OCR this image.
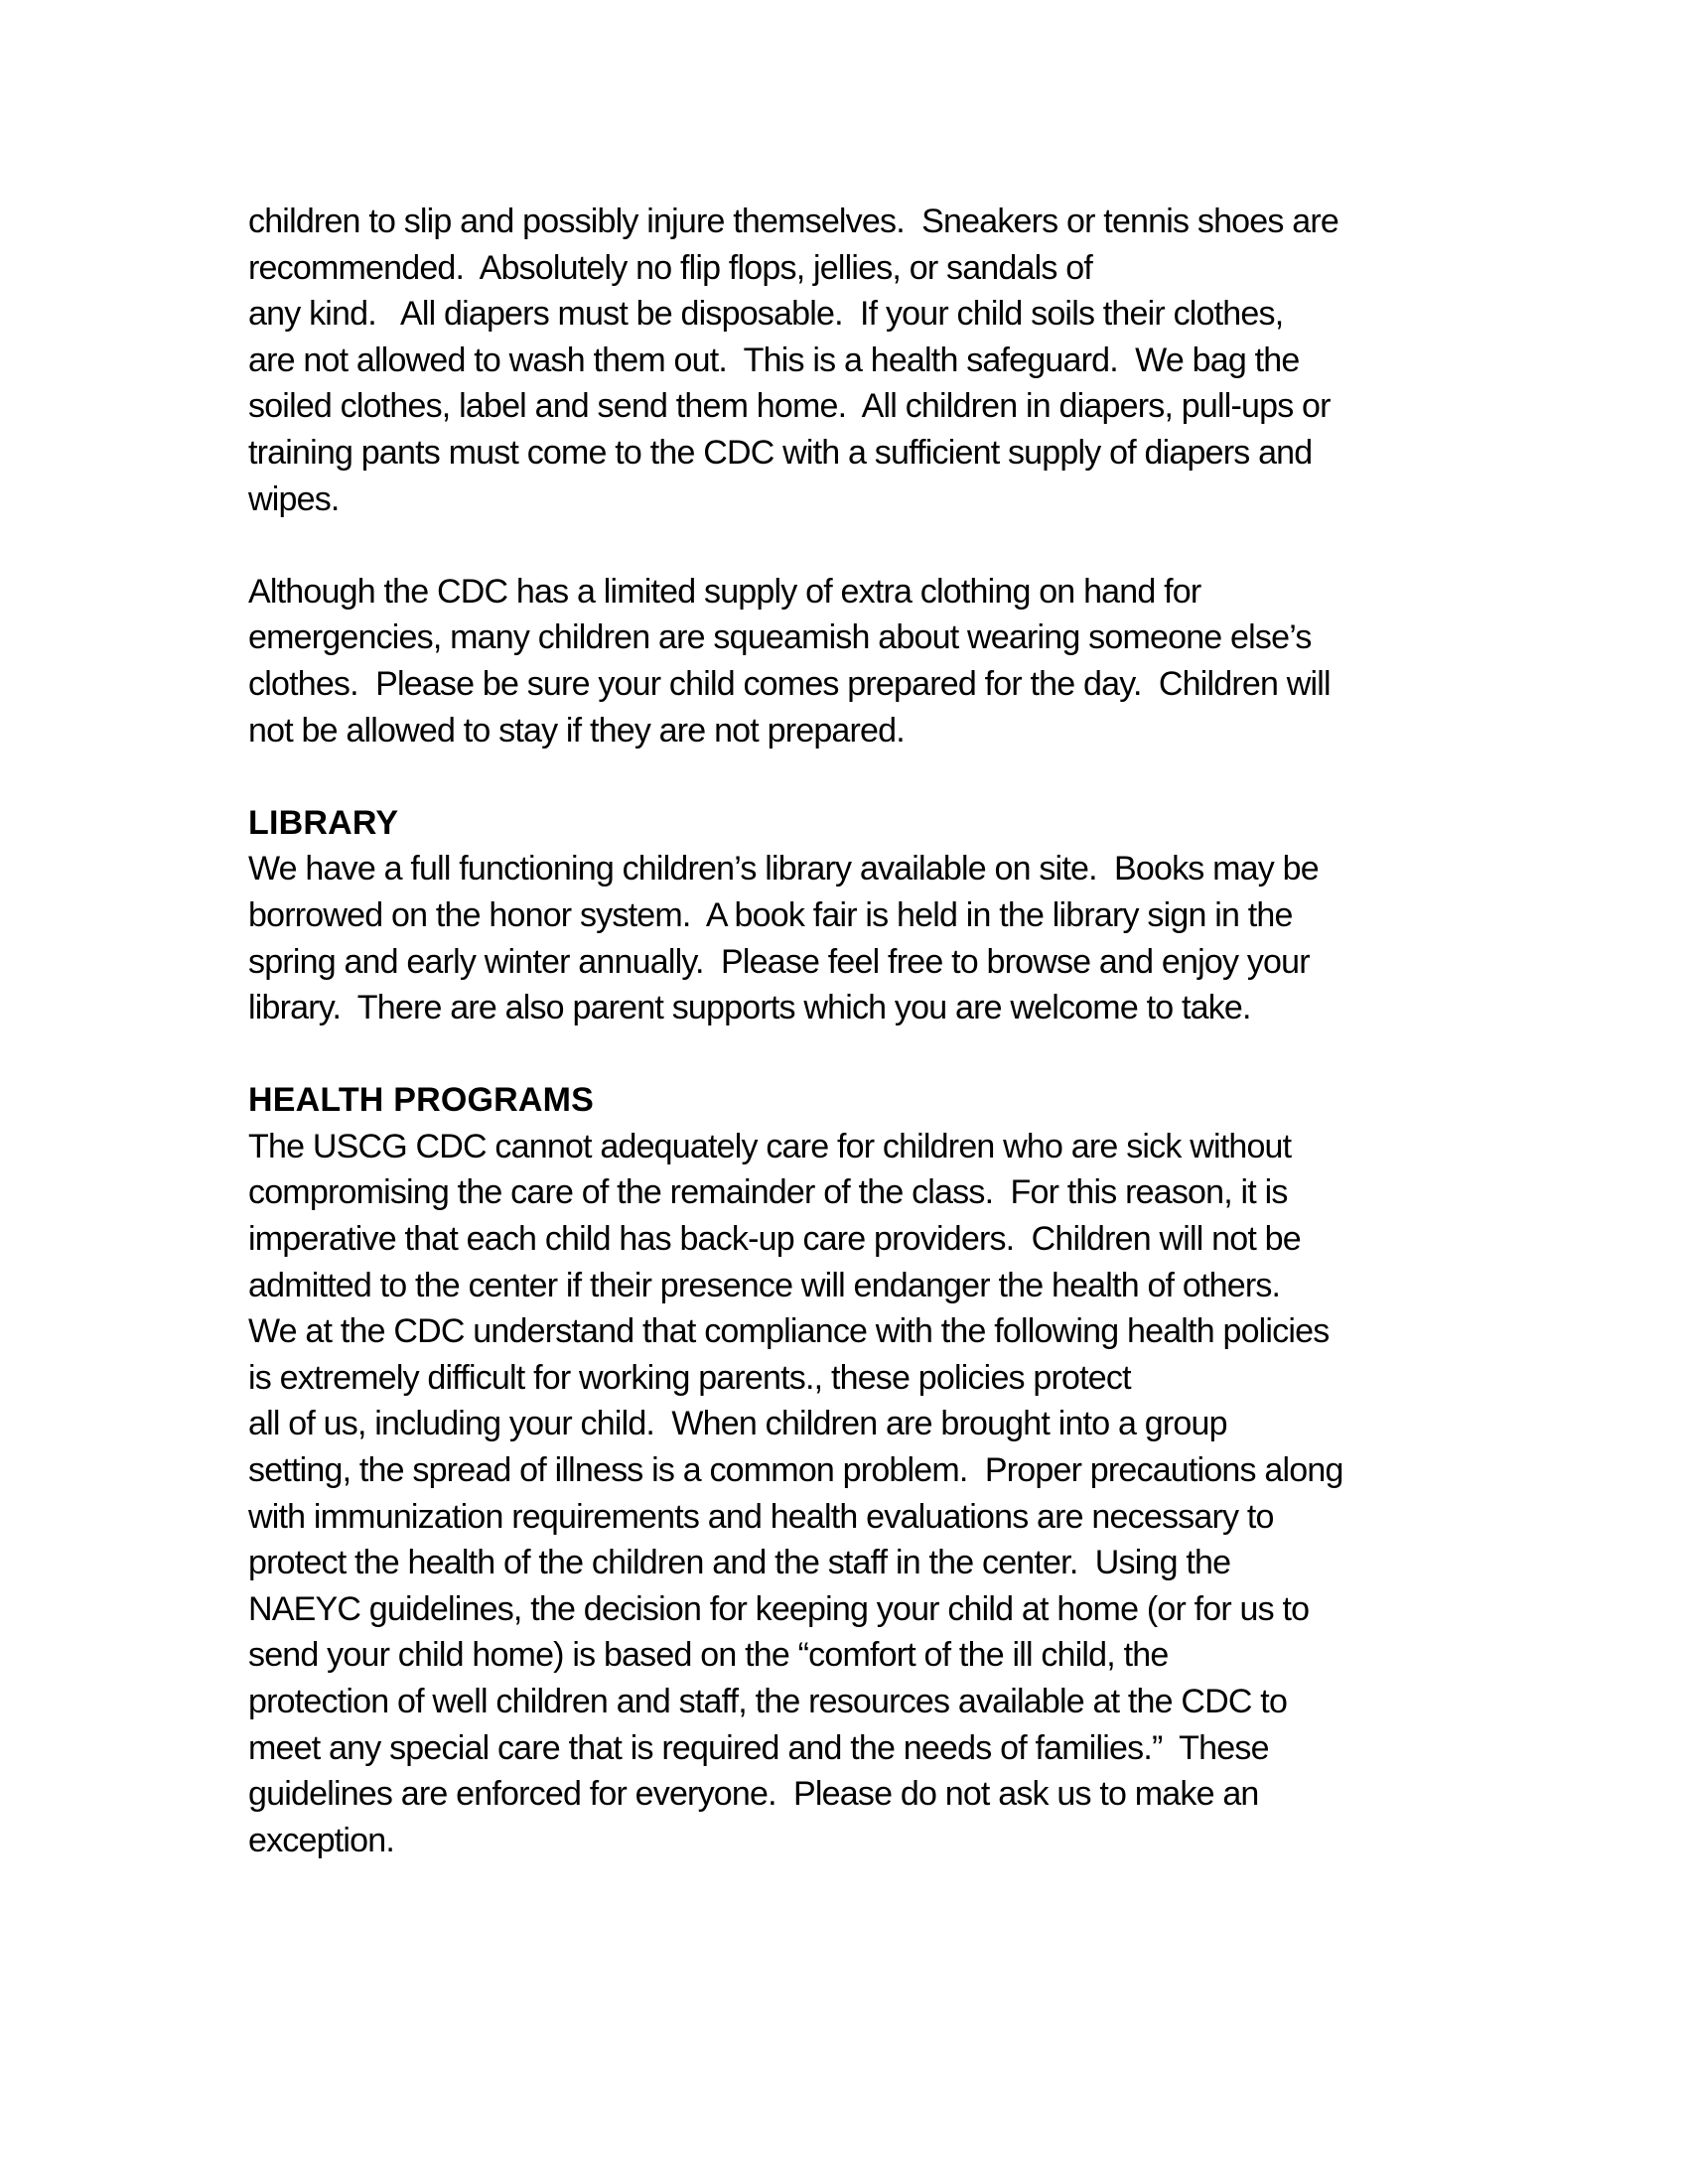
children to slip and possibly injure themselves.  Sneakers or tennis shoes are
recommended.  Absolutely no flip flops, jellies, or sandals of
any kind.   All diapers must be disposable.  If your child soils their clothes,
are not allowed to wash them out.  This is a health safeguard.  We bag the
soiled clothes, label and send them home.  All children in diapers, pull-ups or
training pants must come to the CDC with a sufficient supply of diapers and
wipes.
Although the CDC has a limited supply of extra clothing on hand for
emergencies, many children are squeamish about wearing someone else’s
clothes.  Please be sure your child comes prepared for the day.  Children will
not be allowed to stay if they are not prepared.
LIBRARY
We have a full functioning children’s library available on site.  Books may be
borrowed on the honor system.  A book fair is held in the library sign in the
spring and early winter annually.  Please feel free to browse and enjoy your
library.  There are also parent supports which you are welcome to take.
HEALTH PROGRAMS
The USCG CDC cannot adequately care for children who are sick without
compromising the care of the remainder of the class.  For this reason, it is
imperative that each child has back-up care providers.  Children will not be
admitted to the center if their presence will endanger the health of others.
We at the CDC understand that compliance with the following health policies
is extremely difficult for working parents., these policies protect
all of us, including your child.  When children are brought into a group
setting, the spread of illness is a common problem.  Proper precautions along
with immunization requirements and health evaluations are necessary to
protect the health of the children and the staff in the center.  Using the
NAEYC guidelines, the decision for keeping your child at home (or for us to
send your child home) is based on the “comfort of the ill child, the
protection of well children and staff, the resources available at the CDC to
meet any special care that is required and the needs of families.”  These
guidelines are enforced for everyone.  Please do not ask us to make an
exception.
